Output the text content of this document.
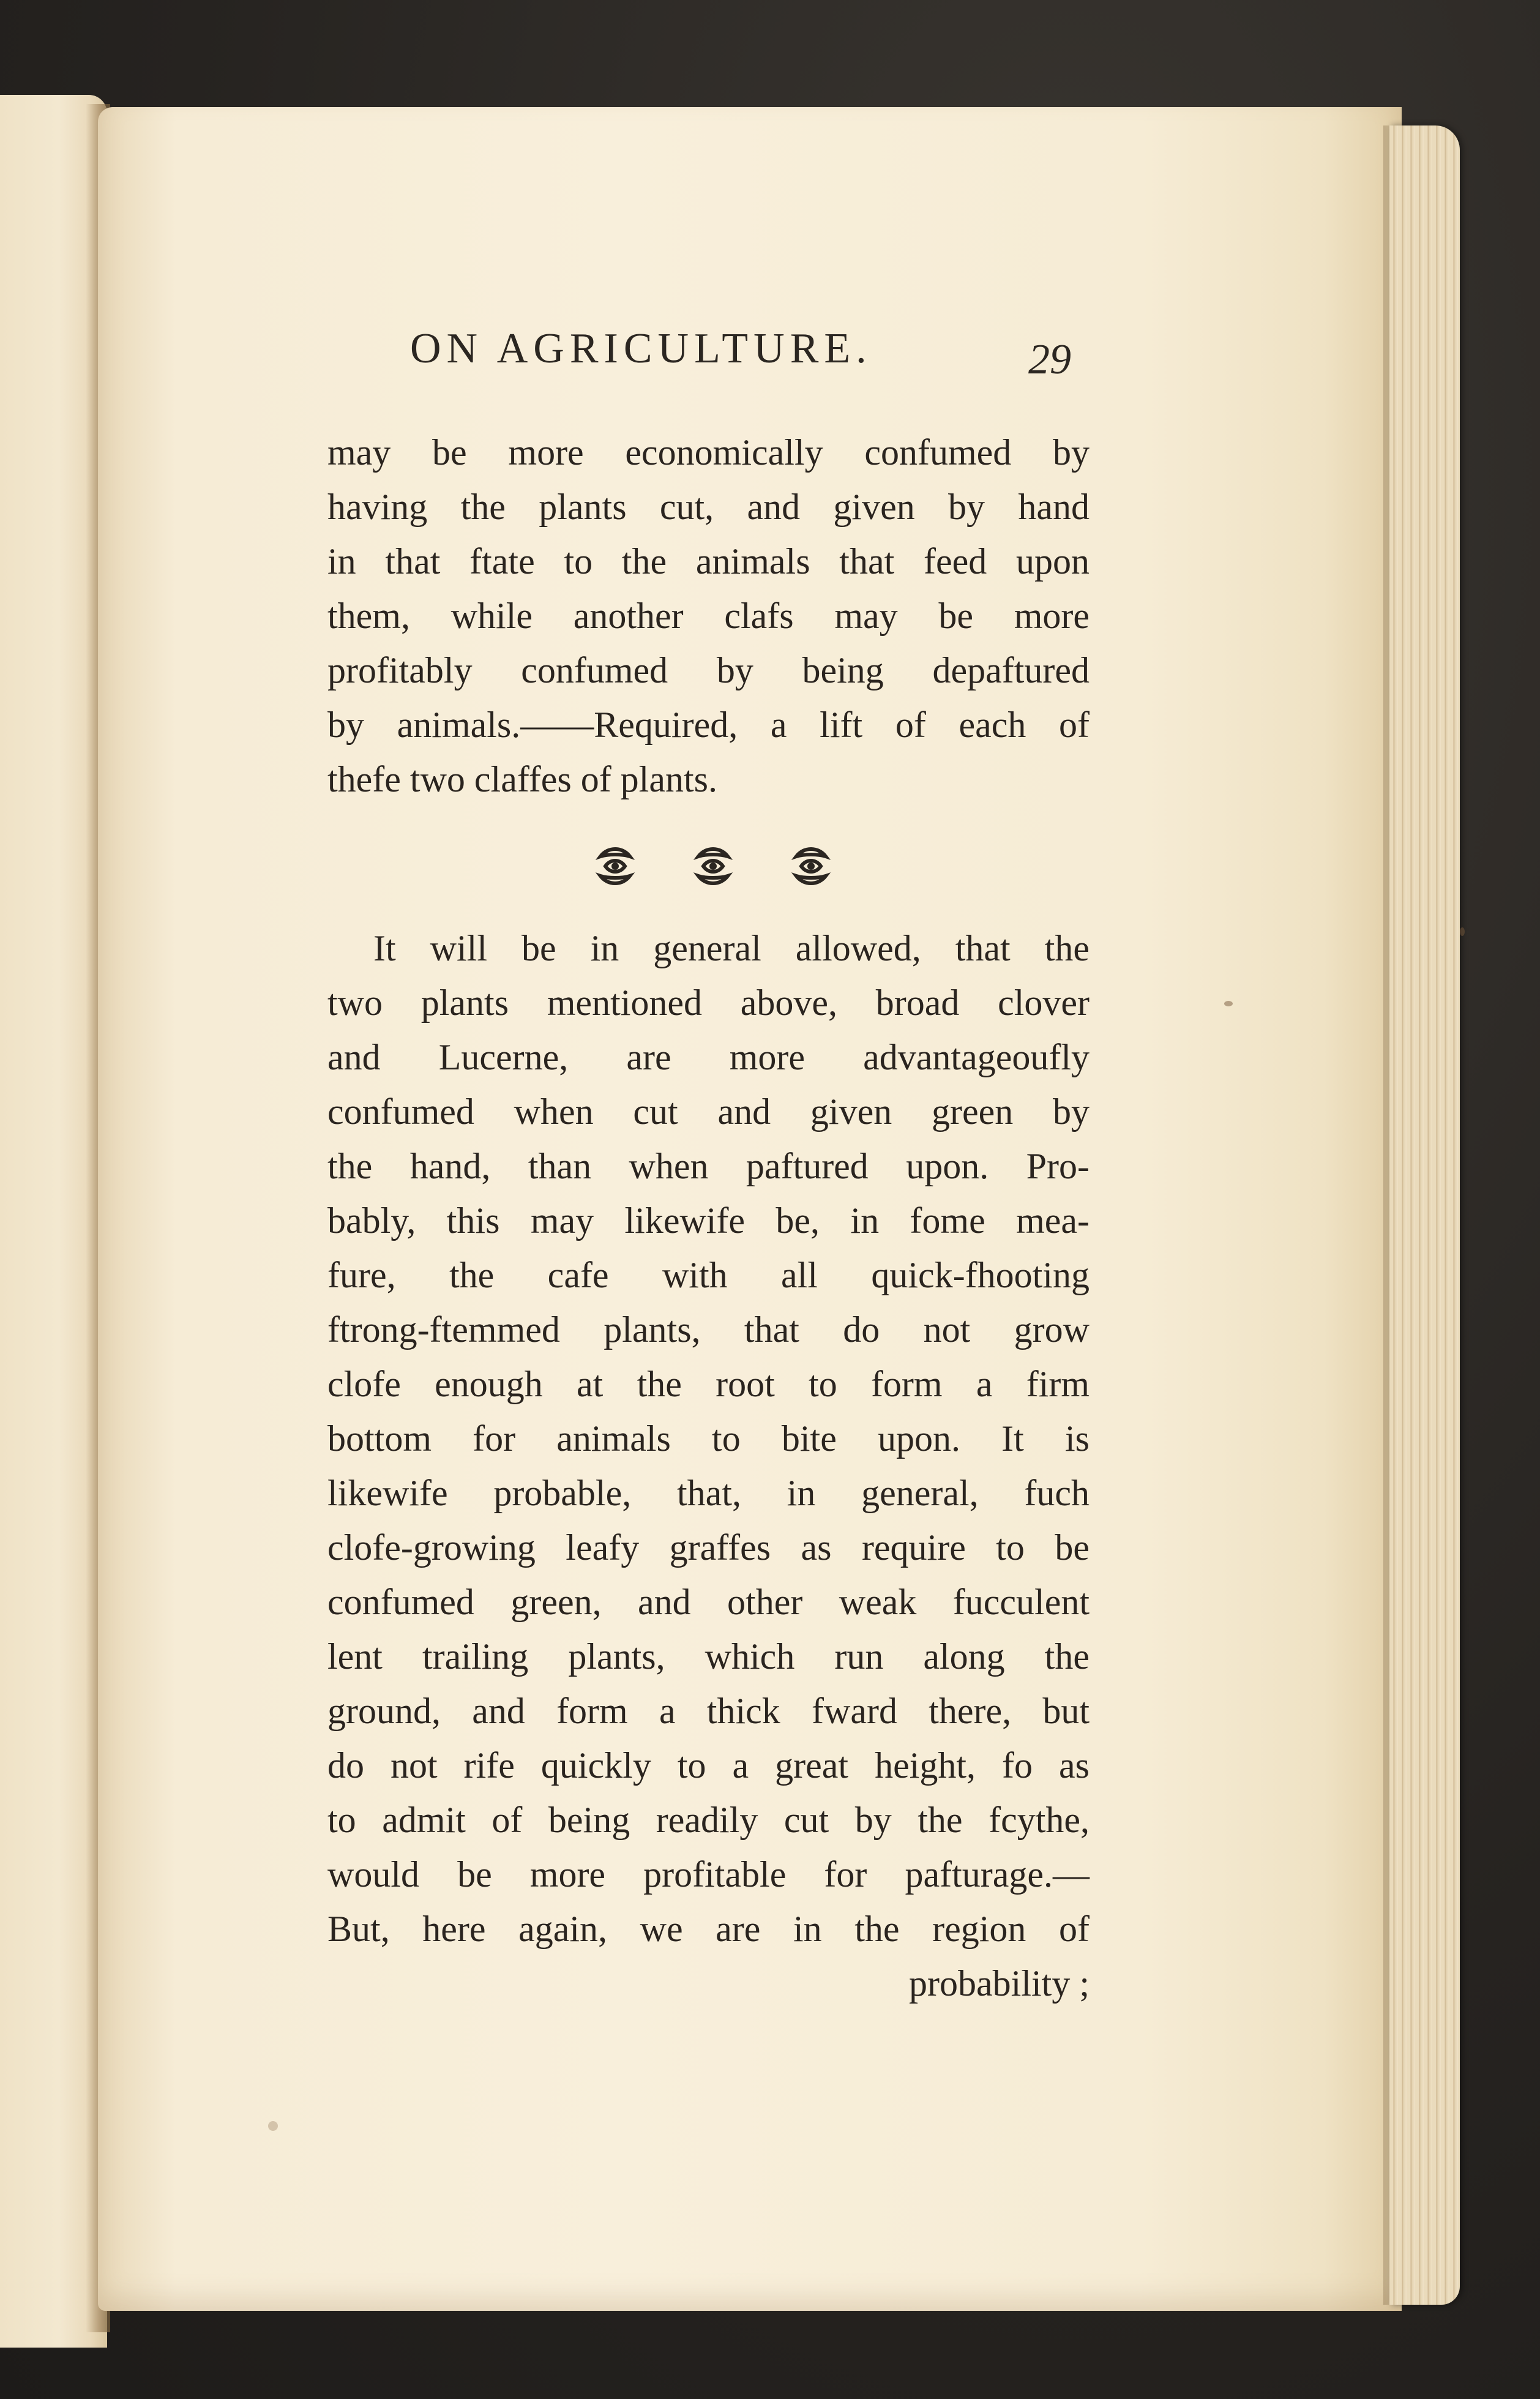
ON AGRICULTURE.	29
may be more economically confumed by
having the plants cut, and given by hand
in that ftate to the animals that feed upon
them, while another clafs may be more
profitably confumed by being depaftured
by animals.——Required, a lift of each of
thefe two claffes of plants.
It will be in general allowed, that the
two plants mentioned above, broad clover
and Lucerne, are more advantageoufly
confumed when cut and given green by
the hand, than when paftured upon. Pro-
bably, this may likewife be, in fome mea-
fure, the cafe with all quick-fhooting
ftrong-ftemmed plants, that do not grow
clofe enough at the root to form a firm
bottom for animals to bite upon. It is
likewife probable, that, in general, fuch
clofe-growing leafy graffes as require to be
confumed green, and other weak fucculent
lent trailing plants, which run along the
ground, and form a thick fward there, but
do not rife quickly to a great height, fo as
to admit of being readily cut by the fcythe,
would be more profitable for pafturage.—
But, here again, we are in the region of
probability ;
